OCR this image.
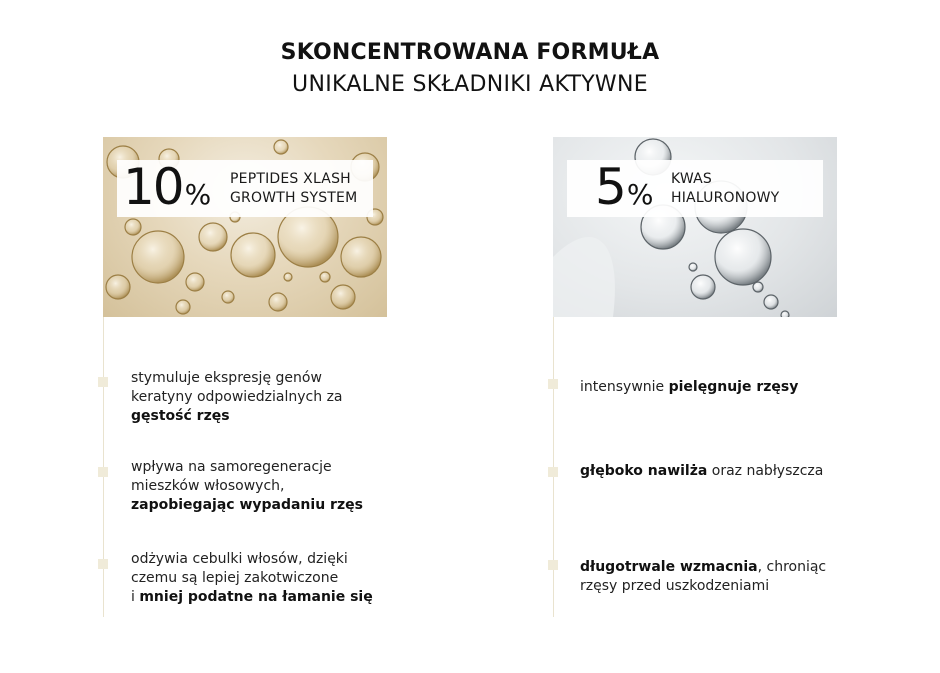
SKONCENTROWANA FORMUŁA
UNIKALNE SKŁADNIKI AKTYWNE
10% PEPTIDES XLASH
GROWTH SYSTEM	5% KWAS
HIALURONOWY
stymuluje ekspresję genów
keratyny odpowiedzialnych za
gęstość rzęs
wpływa na samoregeneracje
mieszków włosowych,
zapobiegając wypadaniu rzęs
odżywia cebulki włosów, dzięki
czemu są lepiej zakotwiczone
i mniej podatne na łamanie się
intensywnie pielęgnuje rzęsy
głęboko nawilża oraz nabłyszcza
długotrwale wzmacnia, chroniąc
rzęsy przed uszkodzeniami
